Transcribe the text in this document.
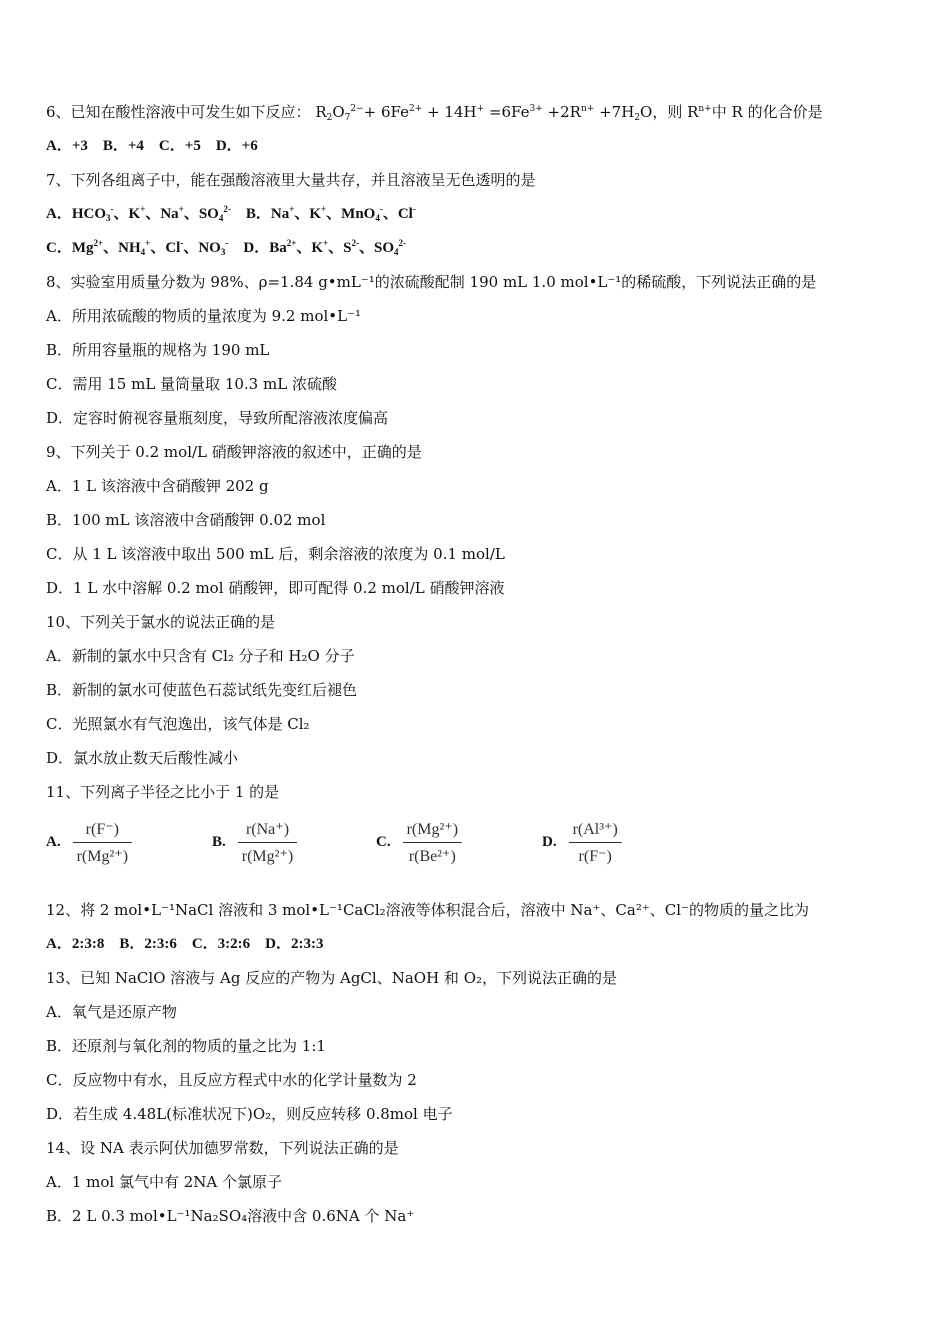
6、已知在酸性溶液中可发生如下反应： $R_2O_7^{2-}+ 6Fe^{2+} + 14H^+ =6Fe^{3+} +2R^{n+} +7H_2O$，则 $R^{n+}$中 R 的化合价是
A．+3　B．+4　C．+5　D．+6
7、下列各组离子中，能在强酸溶液里大量共存，并且溶液呈无色透明的是
A．$HCO_3^-$、K+、Na+、$SO_4^{2-}$　 B．Na+、K+、MnO$_4$-、Cl-
C．$Mg^{2+}$、$NH_4^+$、Cl-、$NO_3^-$　 D．$Ba^{2+}$、K+、$S^{2-}$、$SO_4^{2-}$
8、实验室用质量分数为 98%、ρ=1.84 g•mL⁻¹的浓硫酸配制 190 mL 1.0 mol•L⁻¹的稀硫酸，下列说法正确的是
A．所用浓硫酸的物质的量浓度为 9.2 mol•L⁻¹
B．所用容量瓶的规格为 190 mL
C．需用 15 mL 量筒量取 10.3 mL 浓硫酸
D．定容时俯视容量瓶刻度，导致所配溶液浓度偏高
9、下列关于 0.2 mol/L 硝酸钾溶液的叙述中，正确的是
A．1 L 该溶液中含硝酸钾 202 g
B．100 mL 该溶液中含硝酸钾 0.02 mol
C．从 1 L 该溶液中取出 500 mL 后，剩余溶液的浓度为 0.1 mol/L
D．1 L 水中溶解 0.2 mol 硝酸钾，即可配得 0.2 mol/L 硝酸钾溶液
10、下列关于氯水的说法正确的是
A．新制的氯水中只含有 Cl₂ 分子和 H₂O 分子
B．新制的氯水可使蓝色石蕊试纸先变红后褪色
C．光照氯水有气泡逸出，该气体是 Cl₂
D．氯水放止数天后酸性减小
11、下列离子半径之比小于 1 的是
A. $\frac{r(F^-)}{\text{r(Mg²⁺)}}$	B. $\frac{r(Na^+)}{\text{r(Mg²⁺)}}$	C. $\frac{\text{r(Mg²⁺)}}{\text{r(Be²⁺)}}$	D. $\frac{\text{r(Al³⁺)}}{r(F^-)}$
12、将 2 mol•L⁻¹NaCl 溶液和 3 mol•L⁻¹CaCl₂溶液等体积混合后，溶液中 Na⁺、Ca²⁺、Cl⁻的物质的量之比为
A．2:3:8　B．2:3:6　C．3:2:6　D．2:3:3
13、已知 NaClO 溶液与 Ag 反应的产物为 AgCl、NaOH 和 O₂，下列说法正确的是
A．氧气是还原产物
B．还原剂与氧化剂的物质的量之比为 1:1
C．反应物中有水，且反应方程式中水的化学计量数为 2
D．若生成 4.48L(标准状况下)O₂，则反应转移 0.8mol 电子
14、设 NA 表示阿伏加德罗常数，下列说法正确的是
A．1 mol 氯气中有 2NA 个氯原子
B．2 L 0.3 mol•L⁻¹Na₂SO₄溶液中含 0.6NA 个 Na⁺
